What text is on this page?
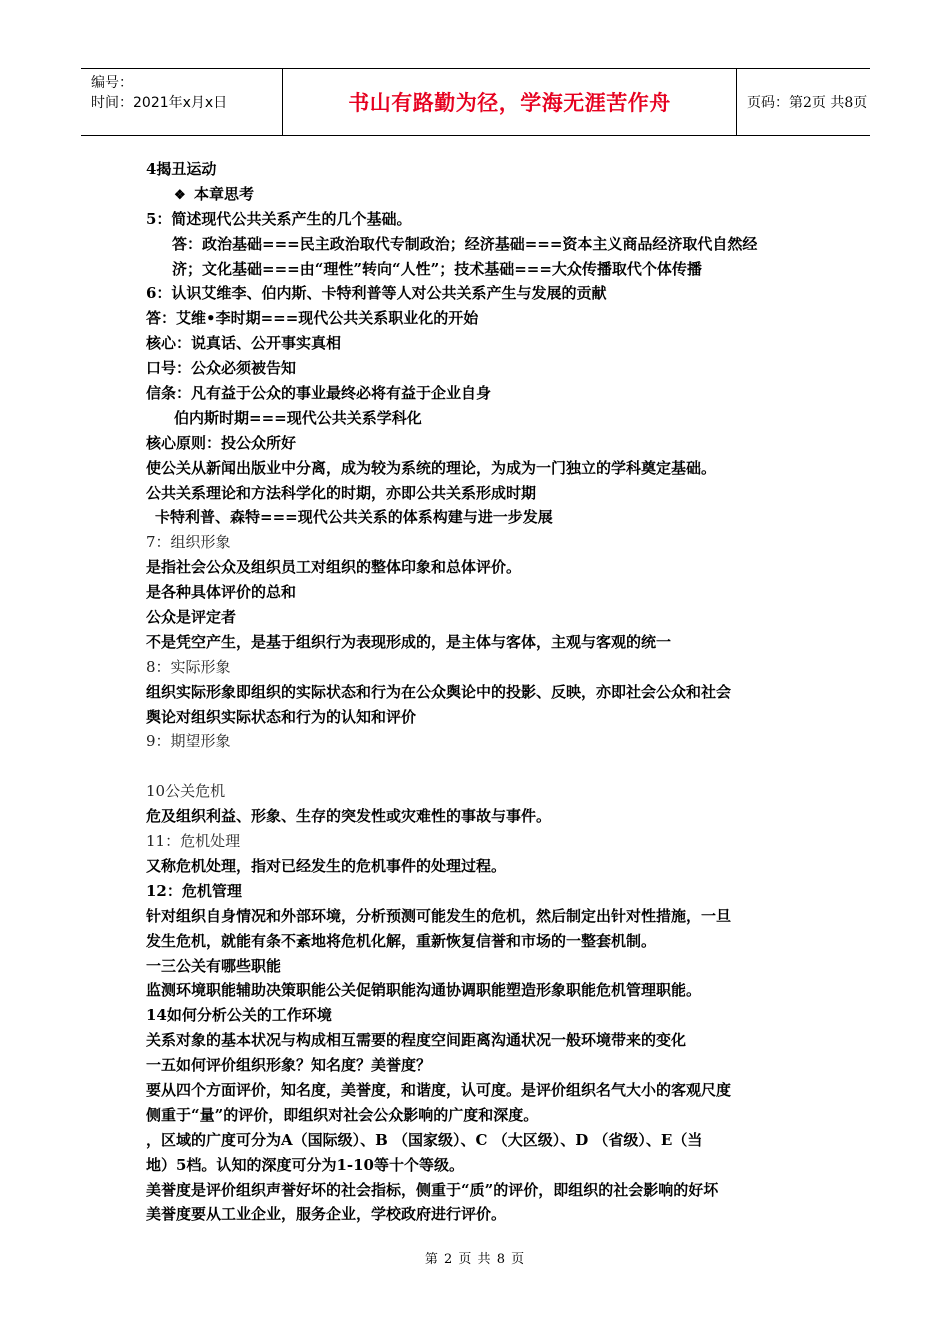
编号：
时间：2021年x月x日	书山有路勤为径，学海无涯苦作舟	页码：第2页 共8页
4揭丑运动
❖ 本章思考
5：简述现代公共关系产生的几个基础。
答：政治基础===民主政治取代专制政治；经济基础===资本主义商品经济取代自然经
济；文化基础===由“理性”转向“人性”；技术基础===大众传播取代个体传播
6：认识艾维李、伯内斯、卡特利普等人对公共关系产生与发展的贡献
答：艾维•李时期===现代公共关系职业化的开始
核心：说真话、公开事实真相
口号：公众必须被告知
信条：凡有益于公众的事业最终必将有益于企业自身
伯内斯时期===现代公共关系学科化
核心原则：投公众所好
使公关从新闻出版业中分离，成为较为系统的理论，为成为一门独立的学科奠定基础。
公共关系理论和方法科学化的时期，亦即公共关系形成时期
卡特利普、森特===现代公共关系的体系构建与进一步发展
7：组织形象
是指社会公众及组织员工对组织的整体印象和总体评价。
是各种具体评价的总和
公众是评定者
不是凭空产生，是基于组织行为表现形成的，是主体与客体，主观与客观的统一
8：实际形象
组织实际形象即组织的实际状态和行为在公众舆论中的投影、反映，亦即社会公众和社会
舆论对组织实际状态和行为的认知和评价
9：期望形象
10公关危机
危及组织利益、形象、生存的突发性或灾难性的事故与事件。
11：危机处理
又称危机处理，指对已经发生的危机事件的处理过程。
12：危机管理
针对组织自身情况和外部环境，分析预测可能发生的危机，然后制定出针对性措施，一旦
发生危机，就能有条不紊地将危机化解，重新恢复信誉和市场的一整套机制。
一三公关有哪些职能
监测环境职能辅助决策职能公关促销职能沟通协调职能塑造形象职能危机管理职能。
14如何分析公关的工作环境
关系对象的基本状况与构成相互需要的程度空间距离沟通状况一般环境带来的变化
一五如何评价组织形象？知名度？美誉度？
要从四个方面评价，知名度，美誉度，和谐度，认可度。是评价组织名气大小的客观尺度
侧重于“量”的评价，即组织对社会公众影响的广度和深度。
，区域的广度可分为A（国际级）、B （国家级）、C （大区级）、D （省级）、E（当
地）5档。认知的深度可分为1-10等十个等级。
美誉度是评价组织声誉好坏的社会指标，侧重于“质”的评价，即组织的社会影响的好坏
美誉度要从工业企业，服务企业，学校政府进行评价。
第 2 页 共 8 页
